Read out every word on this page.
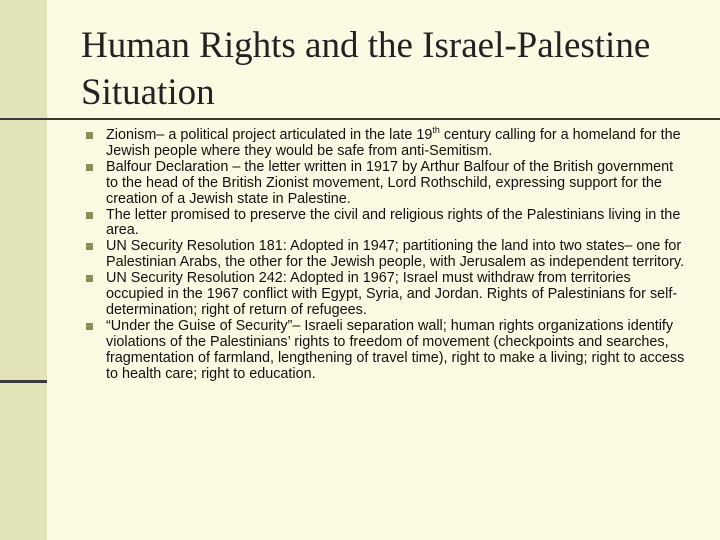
Human Rights and the Israel-Palestine Situation
Zionism– a political project articulated in the late 19th century calling for a homeland for the Jewish people where they would be safe from anti-Semitism.
Balfour Declaration – the letter written in 1917 by Arthur Balfour of the British government to the head of the British Zionist movement, Lord Rothschild, expressing support for the creation of a Jewish state in Palestine.
The letter promised to preserve the civil and religious rights of the Palestinians living in the area.
UN Security Resolution 181: Adopted in 1947; partitioning the land into two states– one for Palestinian Arabs, the other for the Jewish people, with Jerusalem as independent territory.
UN Security Resolution 242: Adopted in 1967; Israel must withdraw from territories occupied in the 1967 conflict with Egypt, Syria, and Jordan. Rights of Palestinians for self-determination; right of return of refugees.
“Under the Guise of Security”– Israeli separation wall; human rights organizations identify violations of the Palestinians’ rights to freedom of movement (checkpoints and searches, fragmentation of farmland, lengthening of travel time), right to make a living; right to access to health care; right to education.
